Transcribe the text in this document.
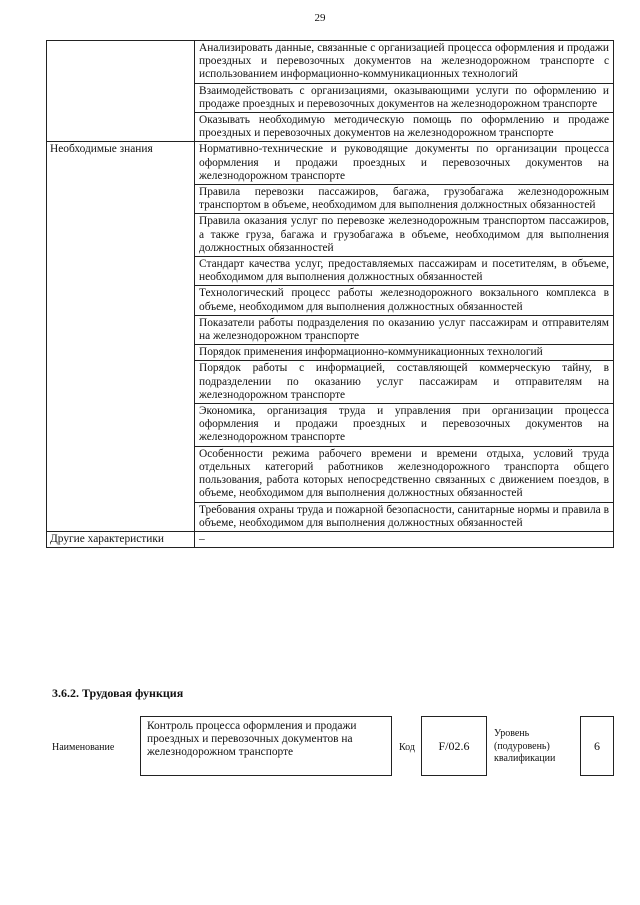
29
	Анализировать данные, связанные с организацией процесса оформления и продажи проездных и перевозочных документов на железнодорожном транспорте с использованием информационно-коммуникационных технологий
	Взаимодействовать с организациями, оказывающими услуги по оформлению и продаже проездных и перевозочных документов на железнодорожном транспорте
	Оказывать необходимую методическую помощь по оформлению и продаже проездных и перевозочных документов на железнодорожном транспорте
Необходимые знания	Нормативно-технические и руководящие документы по организации процесса оформления и продажи проездных и перевозочных документов на железнодорожном транспорте
	Правила перевозки пассажиров, багажа, грузобагажа железнодорожным транспортом в объеме, необходимом для выполнения должностных обязанностей
	Правила оказания услуг по перевозке железнодорожным транспортом пассажиров, а также груза, багажа и грузобагажа в объеме, необходимом для выполнения должностных обязанностей
	Стандарт качества услуг, предоставляемых пассажирам и посетителям, в объеме, необходимом для выполнения должностных обязанностей
	Технологический процесс работы железнодорожного вокзального комплекса в объеме, необходимом для выполнения должностных обязанностей
	Показатели работы подразделения по оказанию услуг пассажирам и отправителям на железнодорожном транспорте
	Порядок применения информационно-коммуникационных технологий
	Порядок работы с информацией, составляющей коммерческую тайну, в подразделении по оказанию услуг пассажирам и отправителям на железнодорожном транспорте
	Экономика, организация труда и управления при организации процесса оформления и продажи проездных и перевозочных документов на железнодорожном транспорте
	Особенности режима рабочего времени и времени отдыха, условий труда отдельных категорий работников железнодорожного транспорта общего пользования, работа которых непосредственно связанных с движением поездов, в объеме, необходимом для выполнения должностных обязанностей
	Требования охраны труда и пожарной безопасности, санитарные нормы и правила в объеме, необходимом для выполнения должностных обязанностей
Другие характеристики	–
3.6.2. Трудовая функция
Наименование
Контроль процесса оформления и продажи проездных и перевозочных документов на железнодорожном транспорте	Код F/02.6
Уровень (подуровень) квалификации
6
